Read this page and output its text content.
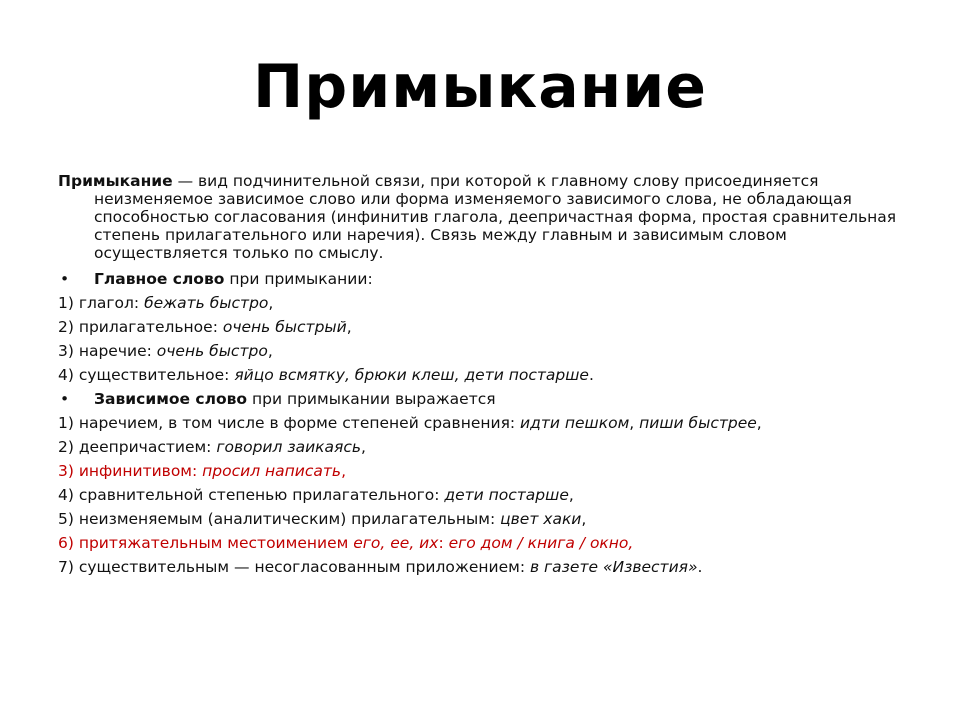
Примыкание
Примыкание — вид подчинительной связи, при которой к главному слову присоединяется неизменяемое зависимое слово или форма изменяемого зависимого слова, не обладающая способностью согласования (инфинитив глагола, деепричастная форма, простая сравнительная степень прилагательного или наречия). Связь между главным и зависимым словом осуществляется только по смыслу.
• Главное слово при примыкании:
1) глагол: бежать быстро,
2) прилагательное: очень быстрый,
3) наречие: очень быстро,
4) существительное: яйцо всмятку, брюки клеш, дети постарше.
• Зависимое слово при примыкании выражается
1) наречием, в том числе в форме степеней сравнения: идти пешком, пиши быстрее,
2) деепричастием: говорил заикаясь,
3) инфинитивом: просил написать,
4) сравнительной степенью прилагательного: дети постарше,
5) неизменяемым (аналитическим) прилагательным: цвет хаки,
6) притяжательным местоимением его, ее, их: его дом / книга / окно,
7) существительным — несогласованным приложением: в газете «Известия».
